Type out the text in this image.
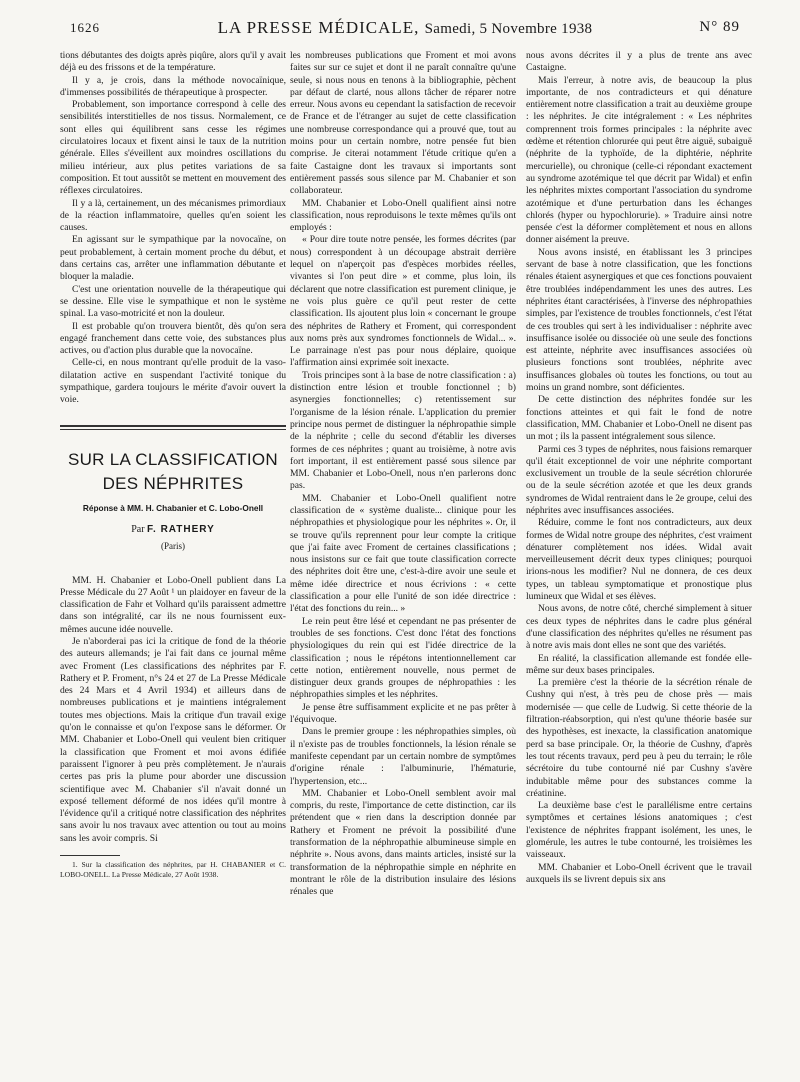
1626	LA PRESSE MÉDICALE, Samedi, 5 Novembre 1938	N° 89

tions débutantes des doigts après piqûre, alors qu'il y avait déjà eu des frissons et de la température.

Il y a, je crois, dans la méthode novocaïnique, d'immenses possibilités de thérapeutique à prospecter.

Probablement, son importance correspond à celle des sensibilités interstitielles de nos tissus. Normalement, ce sont elles qui équilibrent sans cesse les régimes circulatoires locaux et fixent ainsi le taux de la nutrition générale. Elles s'éveillent aux moindres oscillations du milieu intérieur, aux plus petites variations de sa composition. Et tout aussitôt se mettent en mouvement des réflexes circulatoires.

Il y a là, certainement, un des mécanismes primordiaux de la réaction inflammatoire, quelles qu'en soient les causes.

En agissant sur le sympathique par la novocaïne, on peut probablement, à certain moment proche du début, et dans certains cas, arrêter une inflammation débutante et bloquer la maladie.

C'est une orientation nouvelle de la thérapeutique qui se dessine. Elle vise le sympathique et non le système spinal. La vaso-motricité et non la douleur.

Il est probable qu'on trouvera bientôt, dès qu'on sera engagé franchement dans cette voie, des substances plus actives, ou d'action plus durable que la novocaïne.

Celle-ci, en nous montrant qu'elle produit de la vaso-dilatation active en suspendant l'activité tonique du sympathique, gardera toujours le mérite d'avoir ouvert la voie.

SUR LA CLASSIFICATION
DES NÉPHRITES
Réponse à MM. H. Chabanier et C. Lobo-Onell
Par F. RATHERY
(Paris)

MM. H. Chabanier et Lobo-Onell publient dans La Presse Médicale du 27 Août ¹ un plaidoyer en faveur de la classification de Fahr et Volhard qu'ils paraissent admettre dans son intégralité, car ils ne nous fournissent eux-mêmes aucune idée nouvelle.

Je n'aborderai pas ici la critique de fond de la théorie des auteurs allemands; je l'ai fait dans ce journal même avec Froment (Les classifications des néphrites par F. Rathery et P. Froment, n°s 24 et 27 de La Presse Médicale des 24 Mars et 4 Avril 1934) et ailleurs dans de nombreuses publications et je maintiens intégralement toutes mes objections. Mais la critique d'un travail exige qu'on le connaisse et qu'on l'expose sans le déformer. Or MM. Chabanier et Lobo-Onell qui veulent bien critiquer la classification que Froment et moi avons édifiée paraissent l'ignorer à peu près complètement. Je n'aurais certes pas pris la plume pour aborder une discussion scientifique avec M. Chabanier s'il n'avait donné un exposé tellement déformé de nos idées qu'il montre à l'évidence qu'il a critiqué notre classification des néphrites sans avoir lu nos travaux avec attention ou tout au moins sans les avoir compris. Si

1. Sur la classification des néphrites, par H. CHABANIER et C. LOBO-ONELL. La Presse Médicale, 27 Août 1938.

les nombreuses publications que Froment et moi avons faites sur sur ce sujet et dont il ne paraît connaître qu'une seule, si nous nous en tenons à la bibliographie, pèchent par défaut de clarté, nous allons tâcher de réparer notre erreur. Nous avons eu cependant la satisfaction de recevoir de France et de l'étranger au sujet de cette classification une nombreuse correspondance qui a prouvé que, tout au moins pour un certain nombre, notre pensée fut bien comprise. Je citerai notamment l'étude critique qu'en a faite Castaigne dont les travaux si importants sont entièrement passés sous silence par M. Chabanier et son collaborateur.

MM. Chabanier et Lobo-Onell qualifient ainsi notre classification, nous reproduisons le texte mêmes qu'ils ont employés :

« Pour dire toute notre pensée, les formes décrites (par nous) correspondent à un découpage abstrait derrière lequel on n'aperçoit pas d'espèces morbides réelles, vivantes si l'on peut dire » et comme, plus loin, ils déclarent que notre classification est purement clinique, je ne vois plus guère ce qu'il peut rester de cette classification. Ils ajoutent plus loin « concernant le groupe des néphrites de Rathery et Froment, qui correspondent aux noms près aux syndromes fonctionnels de Widal... ». Le parrainage n'est pas pour nous déplaire, quoique l'affirmation ainsi exprimée soit inexacte.

Trois principes sont à la base de notre classification : a) distinction entre lésion et trouble fonctionnel ; b) asynergies fonctionnelles; c) retentissement sur l'organisme de la lésion rénale. L'application du premier principe nous permet de distinguer la néphropathie simple de la néphrite ; celle du second d'établir les diverses formes de ces néphrites ; quant au troisième, à notre avis fort important, il est entièrement passé sous silence par MM. Chabanier et Lobo-Onell, nous n'en parlerons donc pas.

MM. Chabanier et Lobo-Onell qualifient notre classification de « système dualiste... clinique pour les néphropathies et physiologique pour les néphrites ». Or, il se trouve qu'ils reprennent pour leur compte la critique que j'ai faite avec Froment de certaines classifications ; nous insistons sur ce fait que toute classification correcte des néphrites doit être une, c'est-à-dire avoir une seule et même idée directrice et nous écrivions : « cette classification a pour elle l'unité de son idée directrice : l'état des fonctions du rein... »

Le rein peut être lésé et cependant ne pas présenter de troubles de ses fonctions. C'est donc l'état des fonctions physiologiques du rein qui est l'idée directrice de la classification ; nous le répétons intentionnellement car cette notion, entièrement nouvelle, nous permet de distinguer deux grands groupes de néphropathies : les néphropathies simples et les néphrites.

Je pense être suffisamment explicite et ne pas prêter à l'équivoque.

Dans le premier groupe : les néphropathies simples, où il n'existe pas de troubles fonctionnels, la lésion rénale se manifeste cependant par un certain nombre de symptômes d'origine rénale : l'albuminurie, l'hématurie, l'hypertension, etc...

MM. Chabanier et Lobo-Onell semblent avoir mal compris, du reste, l'importance de cette distinction, car ils prétendent que « rien dans la description donnée par Rathery et Froment ne prévoit la possibilité d'une transformation de la néphropathie albumineuse simple en néphrite ». Nous avons, dans maints articles, insisté sur la transformation de la néphropathie simple en néphrite en montrant le rôle de la distribution insulaire des lésions rénales que

nous avons décrites il y a plus de trente ans avec Castaigne.

Mais l'erreur, à notre avis, de beaucoup la plus importante, de nos contradicteurs et qui dénature entièrement notre classification a trait au deuxième groupe : les néphrites. Je cite intégralement : « Les néphrites comprennent trois formes principales : la néphrite avec œdème et rétention chlorurée qui peut être aiguë, subaiguë (néphrite de la typhoïde, de la diphtérie, néphrite mercurielle), ou chronique (celle-ci répondant exactement au syndrome azotémique tel que décrit par Widal) et enfin les néphrites mixtes comportant l'association du syndrome azotémique et d'une perturbation dans les échanges chlorés (hyper ou hypochlorurie). » Traduire ainsi notre pensée c'est la déformer complètement et nous en allons donner aisément la preuve.

Nous avons insisté, en établissant les 3 principes servant de base à notre classification, que les fonctions rénales étaient asynergiques et que ces fonctions pouvaient être troublées indépendamment les unes des autres. Les néphrites étant caractérisées, à l'inverse des néphropathies simples, par l'existence de troubles fonctionnels, c'est l'état de ces troubles qui sert à les individualiser : néphrite avec insuffisance isolée ou dissociée où une seule des fonctions est atteinte, néphrite avec insuffisances associées où plusieurs fonctions sont troublées, néphrite avec insuffisances globales où toutes les fonctions, ou tout au moins un grand nombre, sont déficientes.

De cette distinction des néphrites fondée sur les fonctions atteintes et qui fait le fond de notre classification, MM. Chabanier et Lobo-Onell ne disent pas un mot ; ils la passent intégralement sous silence.

Parmi ces 3 types de néphrites, nous faisions remarquer qu'il était exceptionnel de voir une néphrite comportant exclusivement un trouble de la seule sécrétion chlorurée ou de la seule sécrétion azotée et que les deux grands syndromes de Widal rentraient dans le 2e groupe, celui des néphrites avec insuffisances associées.

Réduire, comme le font nos contradicteurs, aux deux formes de Widal notre groupe des néphrites, c'est vraiment dénaturer complètement nos idées. Widal avait merveilleusement décrit deux types cliniques; pourquoi irions-nous les modifier? Nul ne donnera, de ces deux types, un tableau symptomatique et pronostique plus lumineux que Widal et ses élèves.

Nous avons, de notre côté, cherché simplement à situer ces deux types de néphrites dans le cadre plus général d'une classification des néphrites qu'elles ne résument pas à notre avis mais dont elles ne sont que des variétés.

En réalité, la classification allemande est fondée elle-même sur deux bases principales.

La première c'est la théorie de la sécrétion rénale de Cushny qui n'est, à très peu de chose près — mais modernisée — que celle de Ludwig. Si cette théorie de la filtration-réabsorption, qui n'est qu'une théorie basée sur des hypothèses, est inexacte, la classification anatomique perd sa base principale. Or, la théorie de Cushny, d'après les tout récents travaux, perd peu à peu du terrain; le rôle sécrétoire du tube contourné nié par Cushny s'avère indubitable même pour des substances comme la créatinine.

La deuxième base c'est le parallélisme entre certains symptômes et certaines lésions anatomiques ; c'est l'existence de néphrites frappant isolément, les unes, le glomérule, les autres le tube contourné, les troisièmes les vaisseaux.

MM. Chabanier et Lobo-Onell écrivent que le travail auxquels ils se livrent depuis six ans
